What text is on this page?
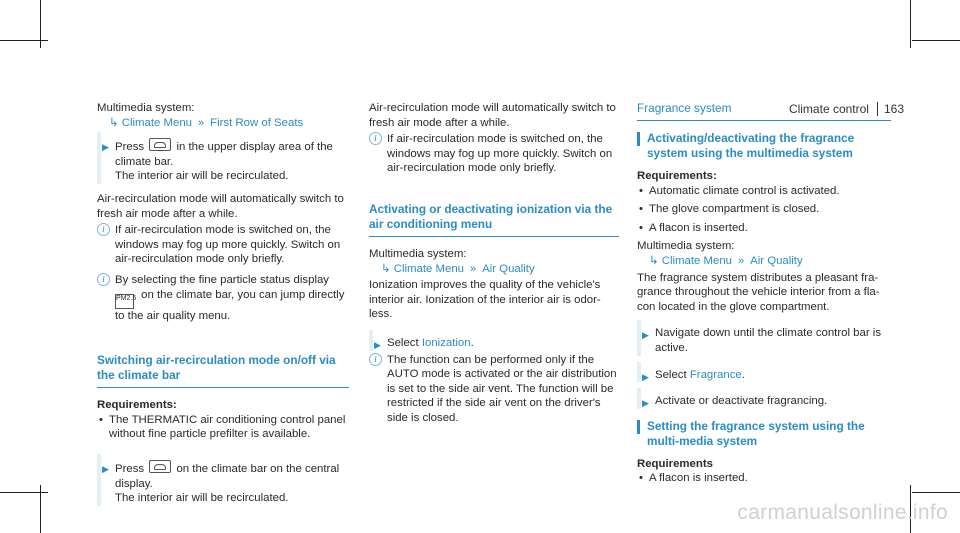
Climate control 163

Multimedia system:

↳
Climate Menu » First Row of Seats
▶ Press	in the upper display area of the climate bar.
The interior air will be recirculated.

Air-recirculation mode will automatically switch to fresh air mode after a while.

i If air-recirculation mode is switched on, the windows may fog up more quickly. Switch on air-recirculation mode only briefly.
i By selecting the fine particle status display
PM2.5 on the climate bar, you can jump directly to the air quality menu.

Switching air-recirculation mode on/off via the climate bar

Requirements:

• The THERMATIC air conditioning control panel without fine particle prefilter is available.
▶ Press	on the climate bar on the central display.
The interior air will be recirculated.

Air-recirculation mode will automatically switch to fresh air mode after a while.

i If air-recirculation mode is switched on, the windows may fog up more quickly. Switch on air-recirculation mode only briefly.

Activating or deactivating ionization via the air conditioning menu

Multimedia system:

↳
Climate Menu » Air Quality

Ionization improves the quality of the vehicle's interior air. Ionization of the interior air is odor-less.

▶ Select Ionization.
i The function can be performed only if the AUTO mode is activated or the air distribution is set to the side air vent. The function will be restricted if the side air vent on the driver's side is closed.

Fragrance system

Activating/deactivating the fragrance system using the multimedia system

Requirements:

• Automatic climate control is activated.
• The glove compartment is closed.
• A flacon is inserted.

Multimedia system:

↳
Climate Menu » Air Quality

The fragrance system distributes a pleasant fra-grance throughout the vehicle interior from a fla-con located in the glove compartment.

▶ Navigate down until the climate control bar is active.
▶ Select Fragrance.
▶ Activate or deactivate fragrancing.

Setting the fragrance system using the multi-media system

Requirements

• A flacon is inserted.
carmanualsonline.info
